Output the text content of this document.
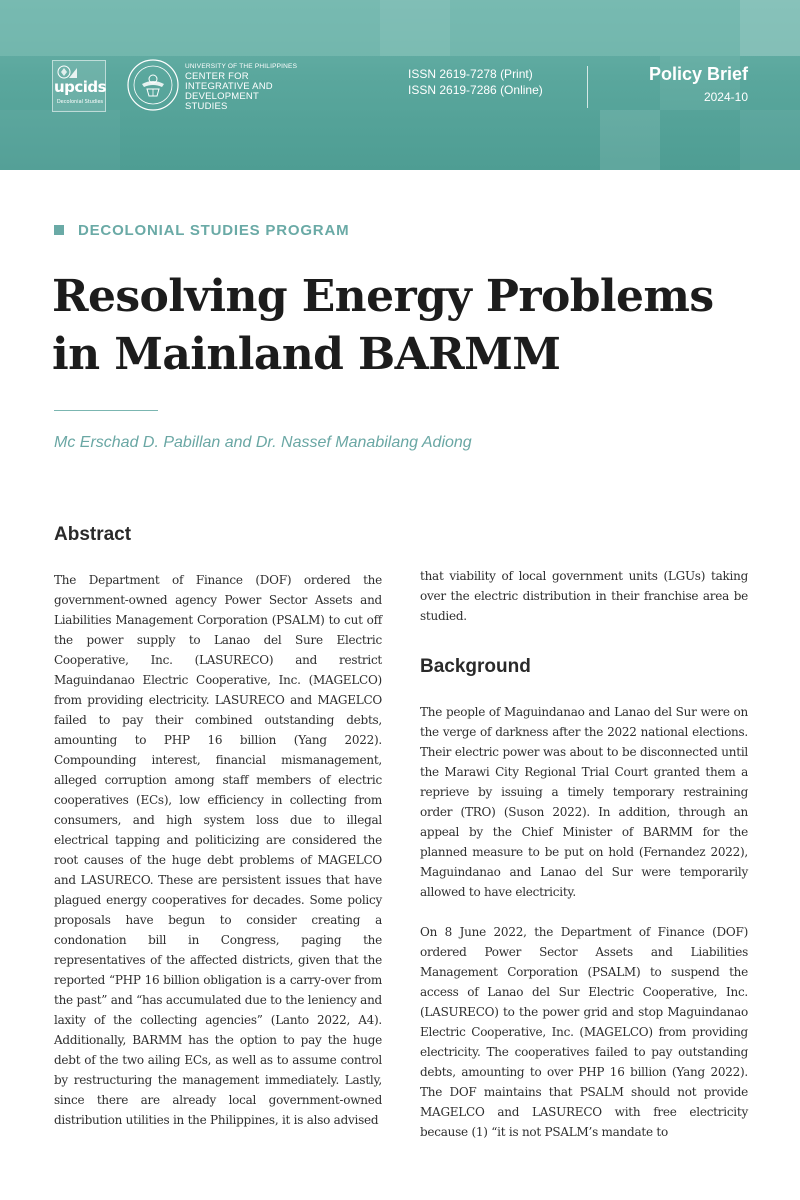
upcids
Decolonial Studies
UNIVERSITY OF THE PHILIPPINES
CENTER FOR
INTEGRATIVE AND
DEVELOPMENT
STUDIES
ISSN 2619-7278 (Print)
ISSN 2619-7286 (Online)
Policy Brief
2024-10
DECOLONIAL STUDIES PROGRAM
Resolving Energy Problems
in Mainland BARMM
Mc Erschad D. Pabillan and Dr. Nassef Manabilang Adiong
Abstract

The Department of Finance (DOF) ordered the government-owned agency Power Sector Assets and Liabilities Management Corporation (PSALM) to cut off the power supply to Lanao del Sure Electric Cooperative, Inc. (LASURECO) and restrict Maguindanao Electric Cooperative, Inc. (MAGELCO) from providing electricity. LASURECO and MAGELCO failed to pay their combined outstanding debts, amounting to PHP 16 billion (Yang 2022). Compounding interest, financial mismanagement, alleged corruption among staff members of electric cooperatives (ECs), low efficiency in collecting from consumers, and high system loss due to illegal electrical tapping and politicizing are considered the root causes of the huge debt problems of MAGELCO and LASURECO. These are persistent issues that have plagued energy cooperatives for decades. Some policy proposals have begun to consider creating a condonation bill in Congress, paging the representatives of the affected districts, given that the reported “PHP 16 billion obligation is a carry-over from the past” and “has accumulated due to the leniency and laxity of the collecting agencies” (Lanto 2022, A4). Additionally, BARMM has the option to pay the huge debt of the two ailing ECs, as well as to assume control by restructuring the management immediately. Lastly, since there are already local government-owned distribution utilities in the Philippines, it is also advised

that viability of local government units (LGUs) taking over the electric distribution in their franchise area be studied.

Background

The people of Maguindanao and Lanao del Sur were on the verge of darkness after the 2022 national elections. Their electric power was about to be disconnected until the Marawi City Regional Trial Court granted them a reprieve by issuing a timely temporary restraining order (TRO) (Suson 2022). In addition, through an appeal by the Chief Minister of BARMM for the planned measure to be put on hold (Fernandez 2022), Maguindanao and Lanao del Sur were temporarily allowed to have electricity.

On 8 June 2022, the Department of Finance (DOF) ordered Power Sector Assets and Liabilities Management Corporation (PSALM) to suspend the access of Lanao del Sur Electric Cooperative, Inc. (LASURECO) to the power grid and stop Maguindanao Electric Cooperative, Inc. (MAGELCO) from providing electricity. The cooperatives failed to pay outstanding debts, amounting to over PHP 16 billion (Yang 2022). The DOF maintains that PSALM should not provide MAGELCO and LASURECO with free electricity because (1) “it is not PSALM’s mandate to
